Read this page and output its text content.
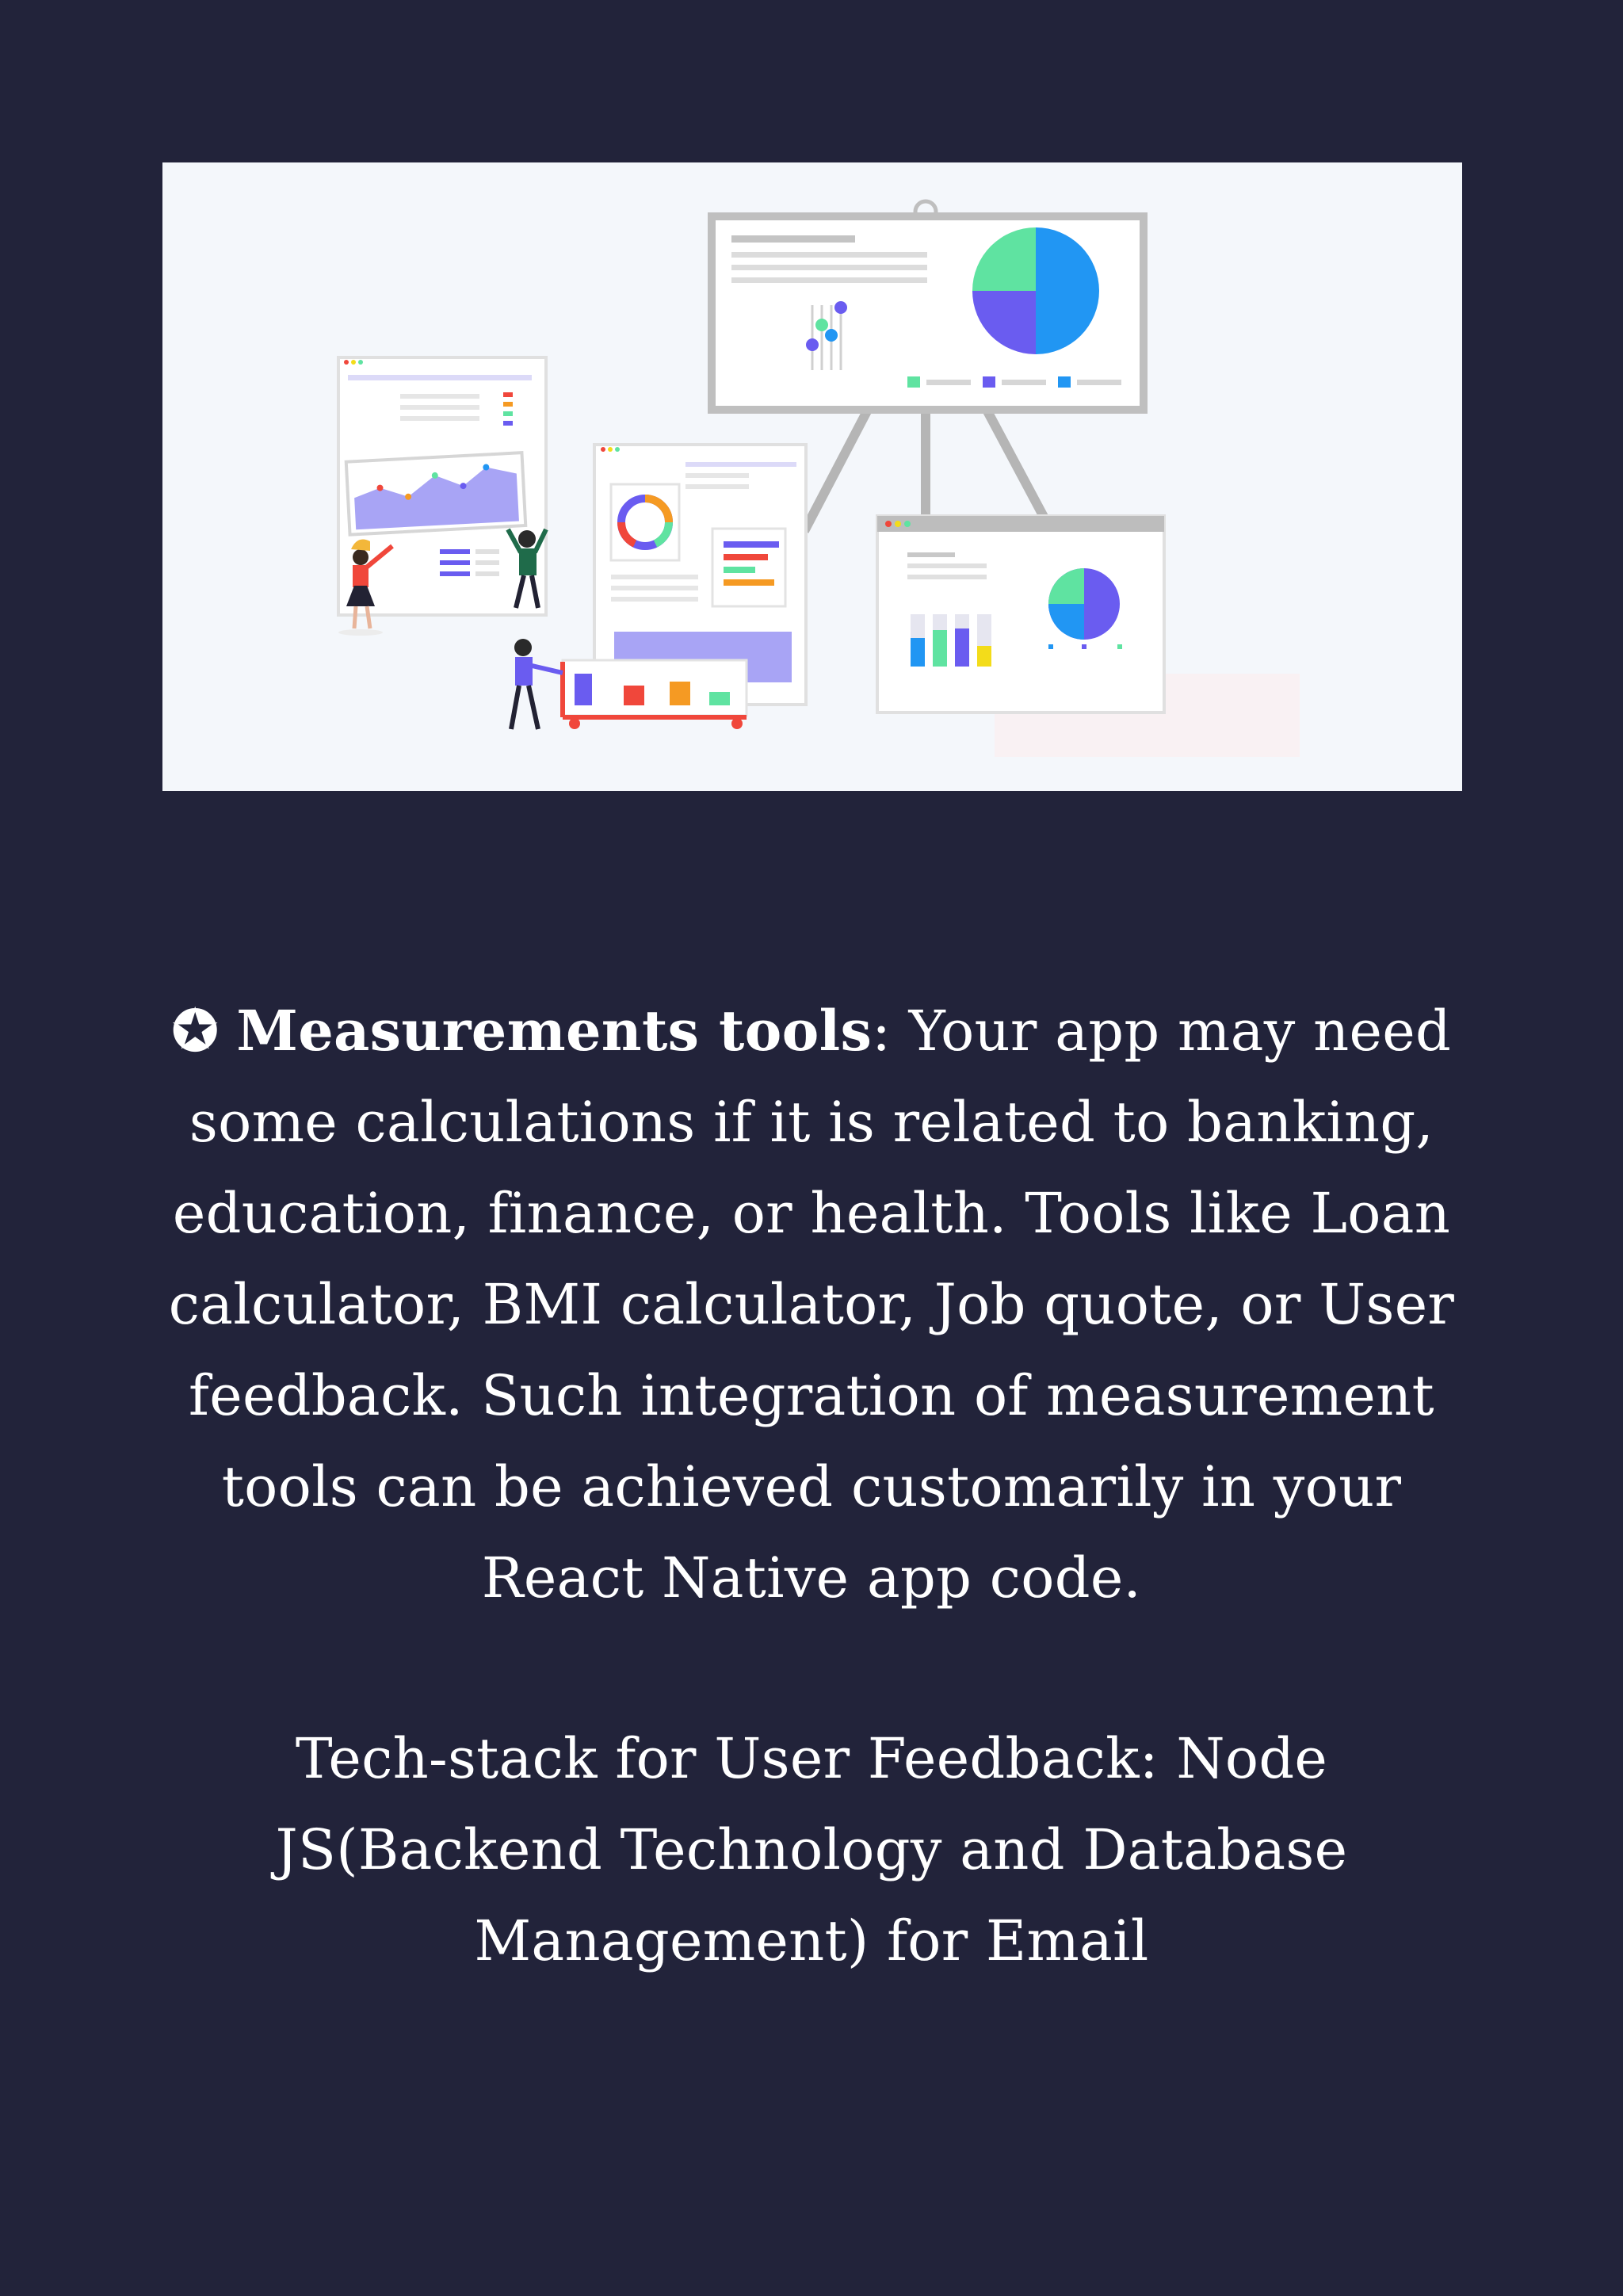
✪ Measurements tools: Your app may need some calculations if it is related to banking, education, finance, or health. Tools like Loan calculator, BMI calculator, Job quote, or User feedback. Such integration of measurement tools can be achieved customarily in your React Native app code.

Tech-stack for User Feedback: Node JS(Backend Technology and Database Management) for Email
